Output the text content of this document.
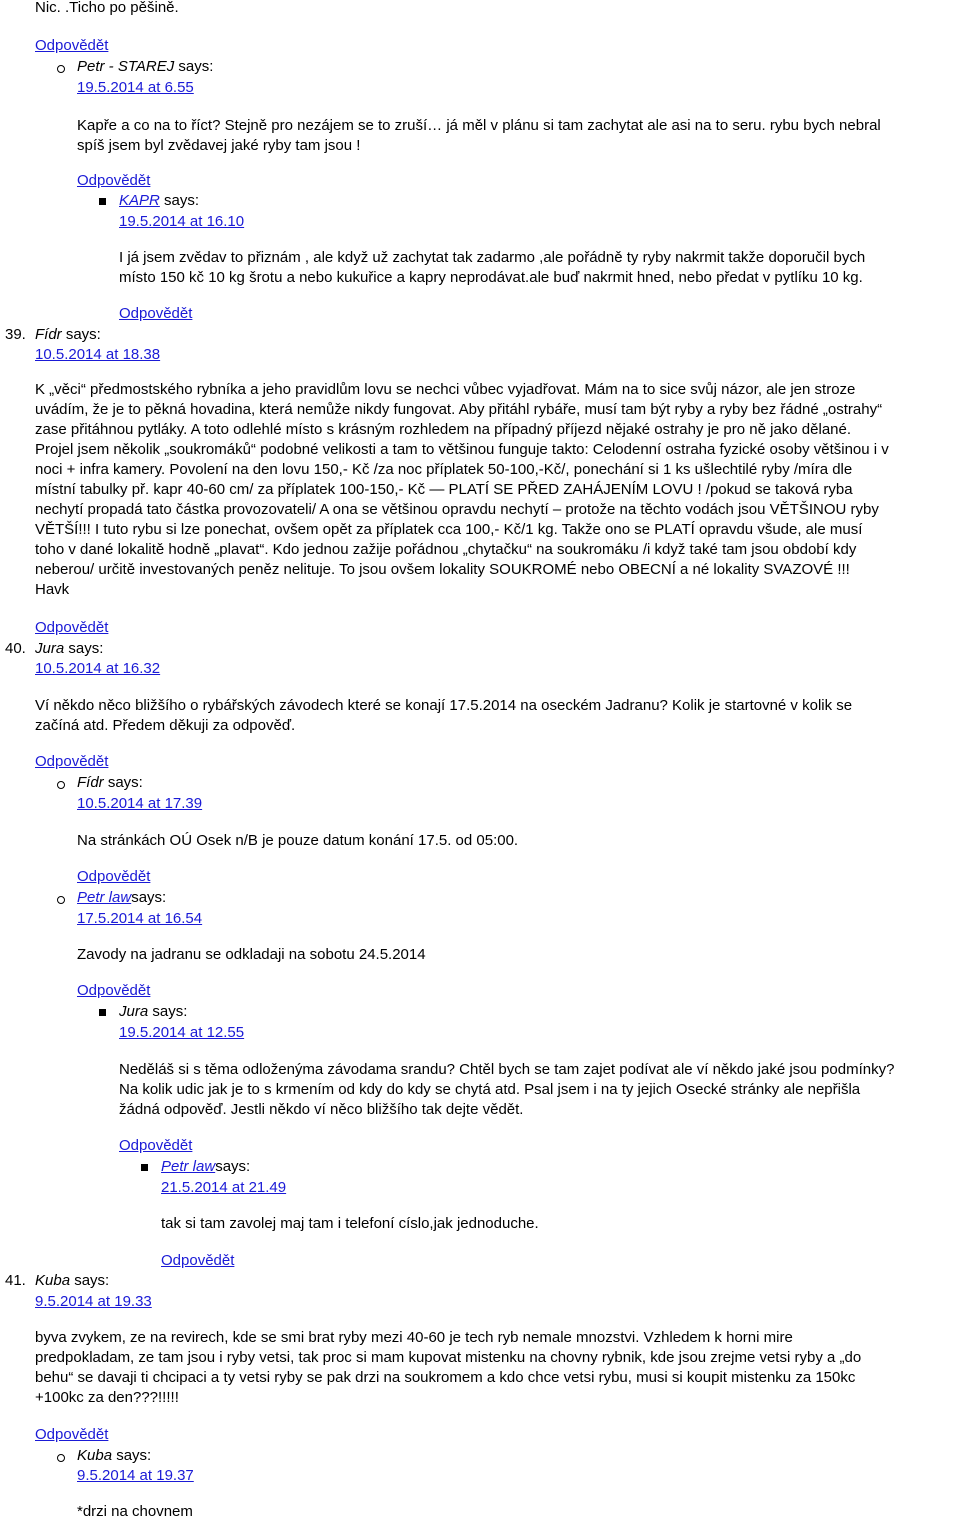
Nic. .Ticho po pěšině.
Odpovědět
Petr - STAREJ says:
19.5.2014 at 6.55
Kapře a co na to říct? Stejně pro nezájem se to zruší… já měl v plánu si tam zachytat ale asi na to seru. rybu bych nebral
spíš jsem byl zvědavej jaké ryby tam jsou !
Odpovědět
KAPR says:
19.5.2014 at 16.10
I já jsem zvědav to přiznám , ale když už zachytat tak zadarmo ,ale pořádně ty ryby nakrmit takže doporučil bych
místo 150 kč 10 kg šrotu a nebo kukuřice a kapry neprodávat.ale buď nakrmit hned, nebo předat v pytlíku 10 kg.
Odpovědět
39. Fídr says:
10.5.2014 at 18.38
K „věci“ předmostského rybníka a jeho pravidlům lovu se nechci vůbec vyjadřovat. Mám na to sice svůj názor, ale jen stroze
uvádím, že je to pěkná hovadina, která nemůže nikdy fungovat. Aby přitáhl rybáře, musí tam být ryby a ryby bez řádné „ostrahy“
zase přitáhnou pytláky. A toto odlehlé místo s krásným rozhledem na případný příjezd nějaké ostrahy je pro ně jako dělané.
Projel jsem několik „soukromáků“ podobné velikosti a tam to většinou funguje takto: Celodenní ostraha fyzické osoby většinou i v
noci + infra kamery. Povolení na den lovu 150,- Kč /za noc příplatek 50-100,-Kč/, ponechání si 1 ks ušlechtilé ryby /míra dle
místní tabulky př. kapr 40-60 cm/ za příplatek 100-150,- Kč — PLATÍ SE PŘED ZAHÁJENÍM LOVU ! /pokud se taková ryba
nechytí propadá tato částka provozovateli/ A ona se většinou opravdu nechytí – protože na těchto vodách jsou VĚTŠINOU ryby
VĚTŠÍ!!! I tuto rybu si lze ponechat, ovšem opět za příplatek cca 100,- Kč/1 kg. Takže ono se PLATÍ opravdu všude, ale musí
toho v dané lokalitě hodně „plavat“. Kdo jednou zažije pořádnou „chytačku“ na soukromáku /i když také tam jsou období kdy
neberou/ určitě investovaných peněz nelituje. To jsou ovšem lokality SOUKROMÉ nebo OBECNÍ a né lokality SVAZOVÉ !!!
Havk
Odpovědět
40. Jura says:
10.5.2014 at 16.32
Ví někdo něco bližšího o rybářských závodech které se konají 17.5.2014 na oseckém Jadranu? Kolik je startovné v kolik se
začíná atd. Předem děkuji za odpověď.
Odpovědět
Fídr says:
10.5.2014 at 17.39
Na stránkách OÚ Osek n/B je pouze datum konání 17.5. od 05:00.
Odpovědět
Petr lawsays:
17.5.2014 at 16.54
Zavody na jadranu se odkladaji na sobotu 24.5.2014
Odpovědět
Jura says:
19.5.2014 at 12.55
Neděláš si s těma odloženýma závodama srandu? Chtěl bych se tam zajet podívat ale ví někdo jaké jsou podmínky?
Na kolik udic jak je to s krmením od kdy do kdy se chytá atd. Psal jsem i na ty jejich Osecké stránky ale nepřišla
žádná odpověď. Jestli někdo ví něco bližšího tak dejte vědět.
Odpovědět
Petr lawsays:
21.5.2014 at 21.49
tak si tam zavolej maj tam i telefoní císlo,jak jednoduche.
Odpovědět
41. Kuba says:
9.5.2014 at 19.33
byva zvykem, ze na revirech, kde se smi brat ryby mezi 40-60 je tech ryb nemale mnozstvi. Vzhledem k horni mire
predpokladam, ze tam jsou i ryby vetsi, tak proc si mam kupovat mistenku na chovny rybnik, kde jsou zrejme vetsi ryby a „do
behu“ se davaji ti chcipaci a ty vetsi ryby se pak drzi na soukromem a kdo chce vetsi rybu, musi si koupit mistenku za 150kc
+100kc za den???!!!!!
Odpovědět
Kuba says:
9.5.2014 at 19.37
*drzi na chovnem
